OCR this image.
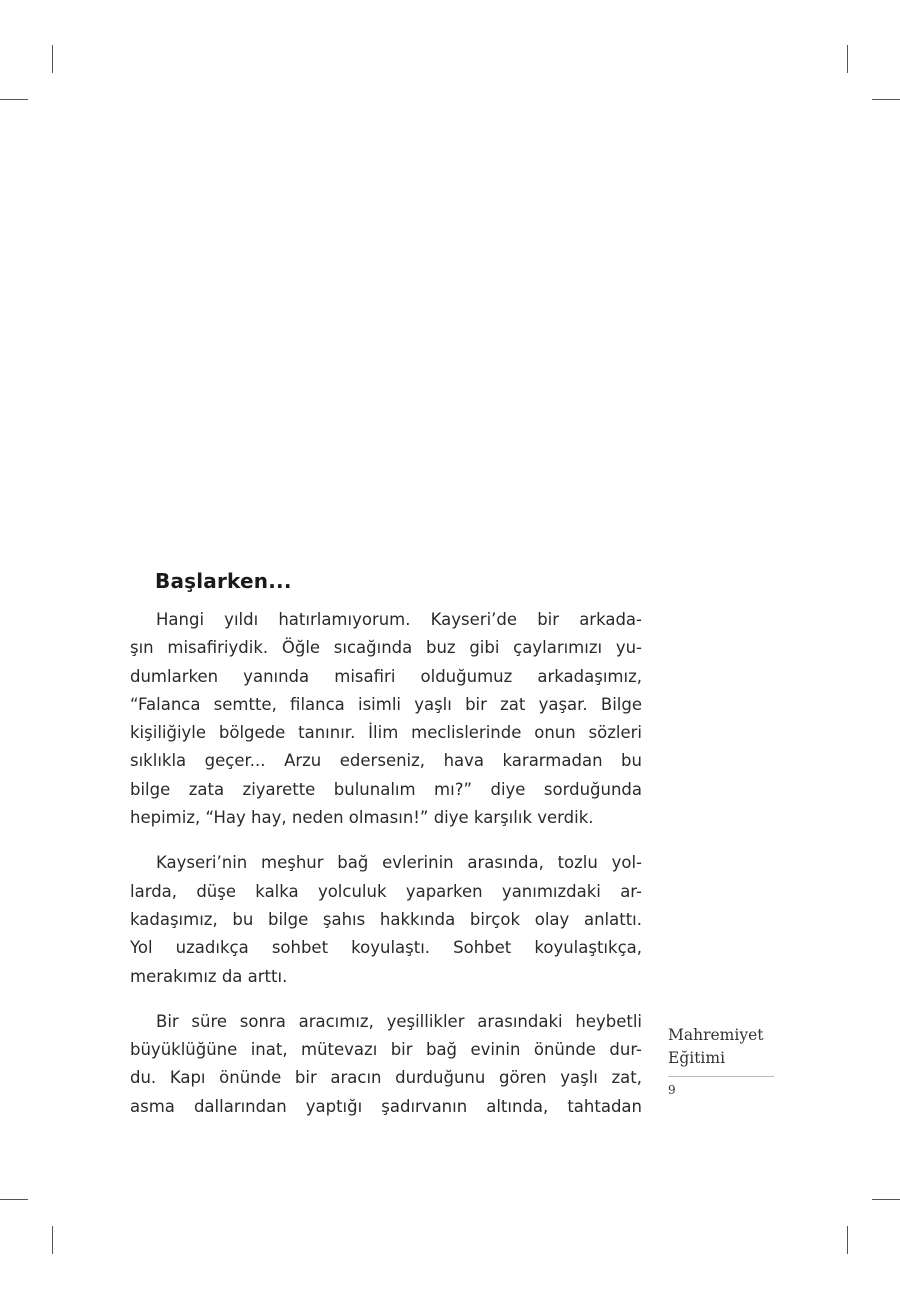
Başlarken...

Hangi yıldı hatırlamıyorum. Kayseri’de bir arkada-
şın misafiriydik. Öğle sıcağında buz gibi çaylarımızı yu-
dumlarken yanında misafiri olduğumuz arkadaşımız,
“Falanca semtte, filanca isimli yaşlı bir zat yaşar. Bilge
kişiliğiyle bölgede tanınır. İlim meclislerinde onun sözleri
sıklıkla geçer... Arzu ederseniz, hava kararmadan bu
bilge zata ziyarette bulunalım mı?” diye sorduğunda
hepimiz, “Hay hay, neden olmasın!” diye karşılık verdik.

Kayseri’nin meşhur bağ evlerinin arasında, tozlu yol-
larda, düşe kalka yolculuk yaparken yanımızdaki ar-
kadaşımız, bu bilge şahıs hakkında birçok olay anlattı.
Yol uzadıkça sohbet koyulaştı. Sohbet koyulaştıkça,
merakımız da arttı.

Bir süre sonra aracımız, yeşillikler arasındaki heybetli
büyüklüğüne inat, mütevazı bir bağ evinin önünde dur-
du. Kapı önünde bir aracın durduğunu gören yaşlı zat,
asma dallarından yaptığı şadırvanın altında, tahtadan

Mahremiyet
Eğitimi
9
